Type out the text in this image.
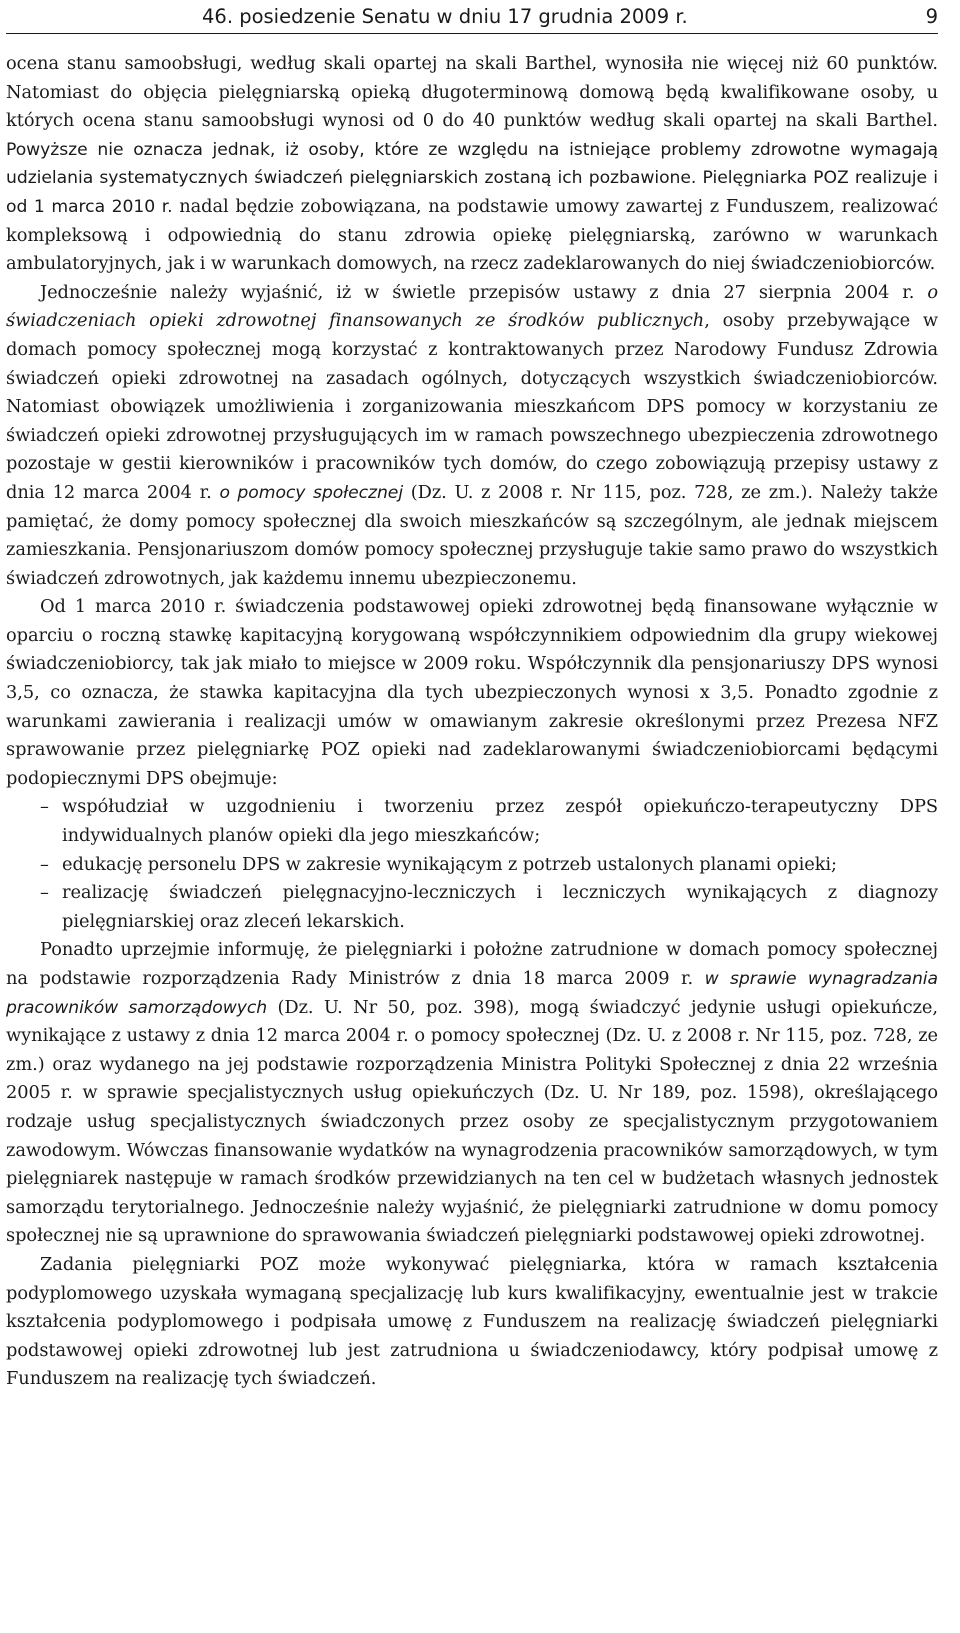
46. posiedzenie Senatu w dniu 17 grudnia 2009 r.	9

ocena stanu samoobsługi, według skali opartej na skali Barthel, wynosiła nie więcej niż 60 punktów. Natomiast do objęcia pielęgniarską opieką długoterminową domową będą kwalifikowane osoby, u których ocena stanu samoobsługi wynosi od 0 do 40 punktów według skali opartej na skali Barthel. Powyższe nie oznacza jednak, iż osoby, które ze względu na istniejące problemy zdrowotne wymagają udzielania systematycznych świadczeń pielęgniarskich zostaną ich pozbawione. Pielęgniarka POZ realizuje i od 1 marca 2010 r. nadal będzie zobowiązana, na podstawie umowy zawartej z Funduszem, realizować kompleksową i odpowiednią do stanu zdrowia opiekę pielęgniarską, zarówno w warunkach ambulatoryjnych, jak i w warunkach domowych, na rzecz zadeklarowanych do niej świadczeniobiorców.

Jednocześnie należy wyjaśnić, iż w świetle przepisów ustawy z dnia 27 sierpnia 2004 r. o świadczeniach opieki zdrowotnej finansowanych ze środków publicznych, osoby przebywające w domach pomocy społecznej mogą korzystać z kontraktowanych przez Narodowy Fundusz Zdrowia świadczeń opieki zdrowotnej na zasadach ogólnych, dotyczących wszystkich świadczeniobiorców. Natomiast obowiązek umożliwienia i zorganizowania mieszkańcom DPS pomocy w korzystaniu ze świadczeń opieki zdrowotnej przysługujących im w ramach powszechnego ubezpieczenia zdrowotnego pozostaje w gestii kierowników i pracowników tych domów, do czego zobowiązują przepisy ustawy z dnia 12 marca 2004 r. o pomocy społecznej (Dz. U. z 2008 r. Nr 115, poz. 728, ze zm.). Należy także pamiętać, że domy pomocy społecznej dla swoich mieszkańców są szczególnym, ale jednak miejscem zamieszkania. Pensjonariuszom domów pomocy społecznej przysługuje takie samo prawo do wszystkich świadczeń zdrowotnych, jak każdemu innemu ubezpieczonemu.

Od 1 marca 2010 r. świadczenia podstawowej opieki zdrowotnej będą finansowane wyłącznie w oparciu o roczną stawkę kapitacyjną korygowaną współczynnikiem odpowiednim dla grupy wiekowej świadczeniobiorcy, tak jak miało to miejsce w 2009 roku. Współczynnik dla pensjonariuszy DPS wynosi 3,5, co oznacza, że stawka kapitacyjna dla tych ubezpieczonych wynosi x 3,5. Ponadto zgodnie z warunkami zawierania i realizacji umów w omawianym zakresie określonymi przez Prezesa NFZ sprawowanie przez pielęgniarkę POZ opieki nad zadeklarowanymi świadczeniobiorcami będącymi podopiecznymi DPS obejmuje:

– współudział w uzgodnieniu i tworzeniu przez zespół opiekuńczo-terapeutyczny DPS indywidualnych planów opieki dla jego mieszkańców;
– edukację personelu DPS w zakresie wynikającym z potrzeb ustalonych planami opieki;
– realizację świadczeń pielęgnacyjno-leczniczych i leczniczych wynikających z diagnozy pielęgniarskiej oraz zleceń lekarskich.

Ponadto uprzejmie informuję, że pielęgniarki i położne zatrudnione w domach pomocy społecznej na podstawie rozporządzenia Rady Ministrów z dnia 18 marca 2009 r. w sprawie wynagradzania pracowników samorządowych (Dz. U. Nr 50, poz. 398), mogą świadczyć jedynie usługi opiekuńcze, wynikające z ustawy z dnia 12 marca 2004 r. o pomocy społecznej (Dz. U. z 2008 r. Nr 115, poz. 728, ze zm.) oraz wydanego na jej podstawie rozporządzenia Ministra Polityki Społecznej z dnia 22 września 2005 r. w sprawie specjalistycznych usług opiekuńczych (Dz. U. Nr 189, poz. 1598), określającego rodzaje usług specjalistycznych świadczonych przez osoby ze specjalistycznym przygotowaniem zawodowym. Wówczas finansowanie wydatków na wynagrodzenia pracowników samorządowych, w tym pielęgniarek następuje w ramach środków przewidzianych na ten cel w budżetach własnych jednostek samorządu terytorialnego. Jednocześnie należy wyjaśnić, że pielęgniarki zatrudnione w domu pomocy społecznej nie są uprawnione do sprawowania świadczeń pielęgniarki podstawowej opieki zdrowotnej.

Zadania pielęgniarki POZ może wykonywać pielęgniarka, która w ramach kształcenia podyplomowego uzyskała wymaganą specjalizację lub kurs kwalifikacyjny, ewentualnie jest w trakcie kształcenia podyplomowego i podpisała umowę z Funduszem na realizację świadczeń pielęgniarki podstawowej opieki zdrowotnej lub jest zatrudniona u świadczeniodawcy, który podpisał umowę z Funduszem na realizację tych świadczeń.
